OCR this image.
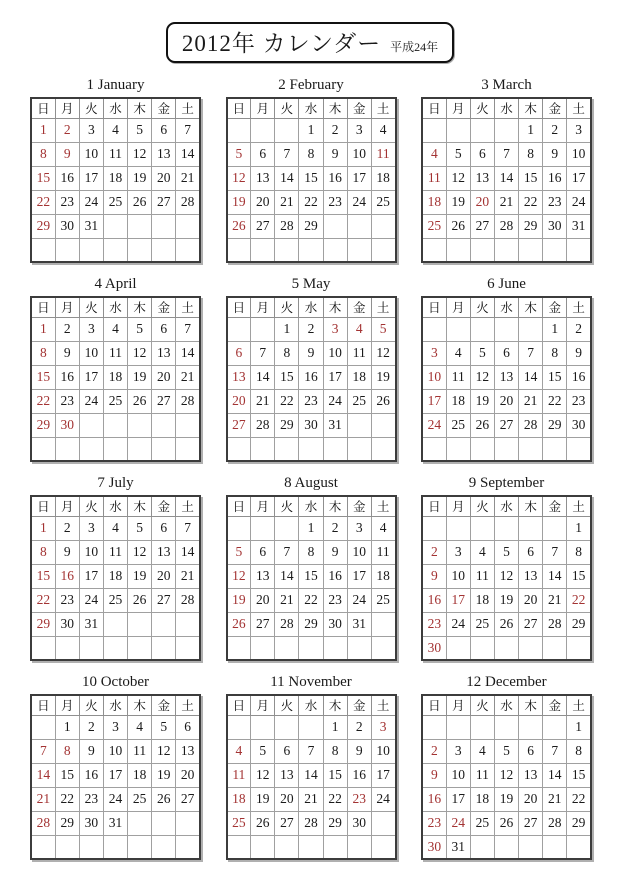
2012年 カレンダー 平成24年
1 January
日	月	火	水	木	金	土
1	2	3	4	5	6	7
8	9	10	11	12	13	14
15	16	17	18	19	20	21
22	23	24	25	26	27	28
29	30	31				

2 February
日	月	火	水	木	金	土
			1	2	3	4
5	6	7	8	9	10	11
12	13	14	15	16	17	18
19	20	21	22	23	24	25
26	27	28	29			

3 March
日	月	火	水	木	金	土
				1	2	3
4	5	6	7	8	9	10
11	12	13	14	15	16	17
18	19	20	21	22	23	24
25	26	27	28	29	30	31

4 April
日	月	火	水	木	金	土
1	2	3	4	5	6	7
8	9	10	11	12	13	14
15	16	17	18	19	20	21
22	23	24	25	26	27	28
29	30					

5 May
日	月	火	水	木	金	土
		1	2	3	4	5
6	7	8	9	10	11	12
13	14	15	16	17	18	19
20	21	22	23	24	25	26
27	28	29	30	31		

6 June
日	月	火	水	木	金	土
					1	2
3	4	5	6	7	8	9
10	11	12	13	14	15	16
17	18	19	20	21	22	23
24	25	26	27	28	29	30

7 July
日	月	火	水	木	金	土
1	2	3	4	5	6	7
8	9	10	11	12	13	14
15	16	17	18	19	20	21
22	23	24	25	26	27	28
29	30	31				

8 August
日	月	火	水	木	金	土
			1	2	3	4
5	6	7	8	9	10	11
12	13	14	15	16	17	18
19	20	21	22	23	24	25
26	27	28	29	30	31	

9 September
日	月	火	水	木	金	土
						1
2	3	4	5	6	7	8
9	10	11	12	13	14	15
16	17	18	19	20	21	22
23	24	25	26	27	28	29
30						
10 October
日	月	火	水	木	金	土
	1	2	3	4	5	6
7	8	9	10	11	12	13
14	15	16	17	18	19	20
21	22	23	24	25	26	27
28	29	30	31			

11 November
日	月	火	水	木	金	土
				1	2	3
4	5	6	7	8	9	10
11	12	13	14	15	16	17
18	19	20	21	22	23	24
25	26	27	28	29	30	

12 December
日	月	火	水	木	金	土
						1
2	3	4	5	6	7	8
9	10	11	12	13	14	15
16	17	18	19	20	21	22
23	24	25	26	27	28	29
30	31					
